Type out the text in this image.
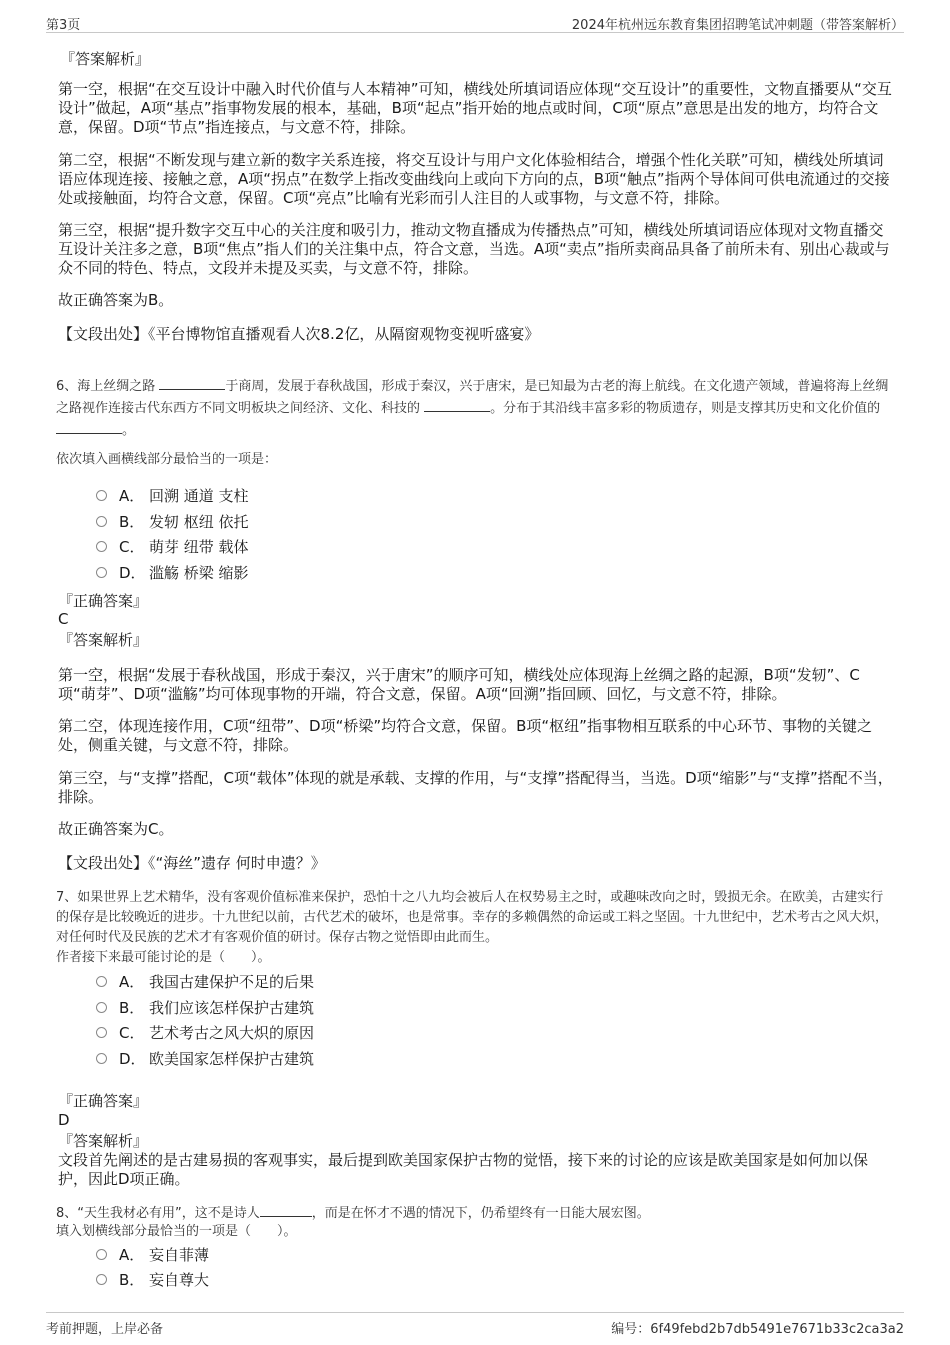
第3页	2024年杭州远东教育集团招聘笔试冲刺题（带答案解析）
『答案解析』

第一空，根据“在交互设计中融入时代价值与人本精神”可知，横线处所填词语应体现“交互设计”的重要性，文物直播要从“交互设计”做起，A项“基点”指事物发展的根本，基础，B项“起点”指开始的地点或时间，C项“原点”意思是出发的地方，均符合文意，保留。D项“节点”指连接点，与文意不符，排除。

第二空，根据“不断发现与建立新的数字关系连接，将交互设计与用户文化体验相结合，增强个性化关联”可知，横线处所填词语应体现连接、接触之意，A项“拐点”在数学上指改变曲线向上或向下方向的点，B项“触点”指两个导体间可供电流通过的交接处或接触面，均符合文意，保留。C项“亮点”比喻有光彩而引人注目的人或事物，与文意不符，排除。

第三空，根据“提升数字交互中心的关注度和吸引力，推动文物直播成为传播热点”可知，横线处所填词语应体现对文物直播交互设计关注多之意，B项“焦点”指人们的关注集中点，符合文意，当选。A项“卖点”指所卖商品具备了前所未有、别出心裁或与众不同的特色、特点，文段并未提及买卖，与文意不符，排除。

故正确答案为B。
【文段出处】《平台博物馆直播观看人次8.2亿，从隔窗观物变视听盛宴》

6、海上丝绸之路	于商周，发展于春秋战国，形成于秦汉，兴于唐宋，是已知最为古老的海上航线。在文化遗产领域，普遍将海上丝绸之路视作连接古代东西方不同文明板块之间经济、文化、科技的	。分布于其沿线丰富多彩的物质遗存，则是支撑其历史和文化价值的 。

依次填入画横线部分最恰当的一项是：
A． 回溯 通道 支柱
B． 发轫 枢纽 依托
C． 萌芽 纽带 载体
D． 滥觞 桥梁 缩影
『正确答案』
C
『答案解析』

第一空，根据“发展于春秋战国，形成于秦汉，兴于唐宋”的顺序可知，横线处应体现海上丝绸之路的起源，B项“发轫”、C项“萌芽”、D项“滥觞”均可体现事物的开端，符合文意，保留。A项“回溯”指回顾、回忆，与文意不符，排除。

第二空，体现连接作用，C项“纽带”、D项“桥梁”均符合文意，保留。B项“枢纽”指事物相互联系的中心环节、事物的关键之处，侧重关键，与文意不符，排除。

第三空，与“支撑”搭配，C项“载体”体现的就是承载、支撑的作用，与“支撑”搭配得当，当选。D项“缩影”与“支撑”搭配不当，排除。

故正确答案为C。
【文段出处】《“海丝”遗存 何时申遗？》

7、如果世界上艺术精华，没有客观价值标准来保护，恐怕十之八九均会被后人在权势易主之时，或趣味改向之时，毁损无余。在欧美，古建实行的保存是比较晚近的进步。十九世纪以前，古代艺术的破坏，也是常事。幸存的多赖偶然的命运或工料之坚固。十九世纪中，艺术考古之风大炽，对任何时代及民族的艺术才有客观价值的研讨。保存古物之觉悟即由此而生。

作者接下来最可能讨论的是（　　）。
A． 我国古建保护不足的后果
B． 我们应该怎样保护古建筑
C． 艺术考古之风大炽的原因
D． 欧美国家怎样保护古建筑
『正确答案』
D
『答案解析』

文段首先阐述的是古建易损的客观事实，最后提到欧美国家保护古物的觉悟，接下来的讨论的应该是欧美国家是如何加以保护，因此D项正确。

8、“天生我材必有用”，这不是诗人	，而是在怀才不遇的情况下，仍希望终有一日能大展宏图。

填入划横线部分最恰当的一项是（　　）。
A． 妄自菲薄
B． 妄自尊大
考前押题，上岸必备	编号：6f49febd2b7db5491e7671b33c2ca3a2
